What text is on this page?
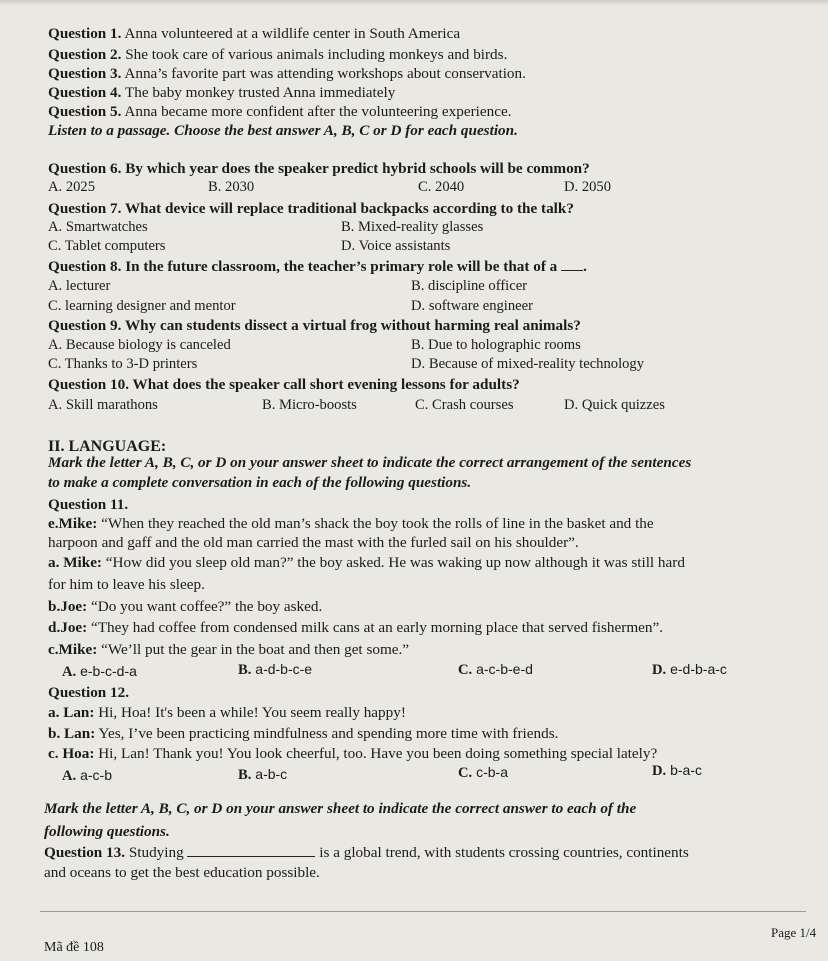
Question 1. Anna volunteered at a wildlife center in South America
Question 2. She took care of various animals including monkeys and birds.
Question 3. Anna’s favorite part was attending workshops about conservation.
Question 4. The baby monkey trusted Anna immediately
Question 5. Anna became more confident after the volunteering experience.
Listen to a passage. Choose the best answer A, B, C or D for each question.
Question 6. By which year does the speaker predict hybrid schools will be common?
A. 2025	B. 2030	C. 2040	D. 2050
Question 7. What device will replace traditional backpacks according to the talk?
A. Smartwatches	B. Mixed-reality glasses
C. Tablet computers	D. Voice assistants
Question 8. In the future classroom, the teacher’s primary role will be that of a .
A. lecturer	B. discipline officer
C. learning designer and mentor	D. software engineer
Question 9. Why can students dissect a virtual frog without harming real animals?
A. Because biology is canceled	B. Due to holographic rooms
C. Thanks to 3-D printers	D. Because of mixed-reality technology
Question 10. What does the speaker call short evening lessons for adults?
A. Skill marathons	B. Micro-boosts	C. Crash courses	D. Quick quizzes
II. LANGUAGE:
Mark the letter A, B, C, or D on your answer sheet to indicate the correct arrangement of the sentences
to make a complete conversation in each of the following questions.
Question 11.
e.Mike: “When they reached the old man’s shack the boy took the rolls of line in the basket and the
harpoon and gaff and the old man carried the mast with the furled sail on his shoulder”.
a. Mike: “How did you sleep old man?” the boy asked. He was waking up now although it was still hard
for him to leave his sleep.
b.Joe: “Do you want coffee?” the boy asked.
d.Joe: “They had coffee from condensed milk cans at an early morning place that served fishermen”.
c.Mike: “We’ll put the gear in the boat and then get some.”
A. e-b-c-d-a	B. a-d-b-c-e	C. a-c-b-e-d	D. e-d-b-a-c
Question 12.
a. Lan: Hi, Hoa! It's been a while! You seem really happy!
b. Lan: Yes, I’ve been practicing mindfulness and spending more time with friends.
c. Hoa: Hi, Lan! Thank you! You look cheerful, too. Have you been doing something special lately?
A. a-c-b	B. a-b-c	C. c-b-a	D. b-a-c
Mark the letter A, B, C, or D on your answer sheet to indicate the correct answer to each of the
following questions.
Question 13. Studying	is a global trend, with students crossing countries, continents
and oceans to get the best education possible.
Page 1/4
Mã đề 108
